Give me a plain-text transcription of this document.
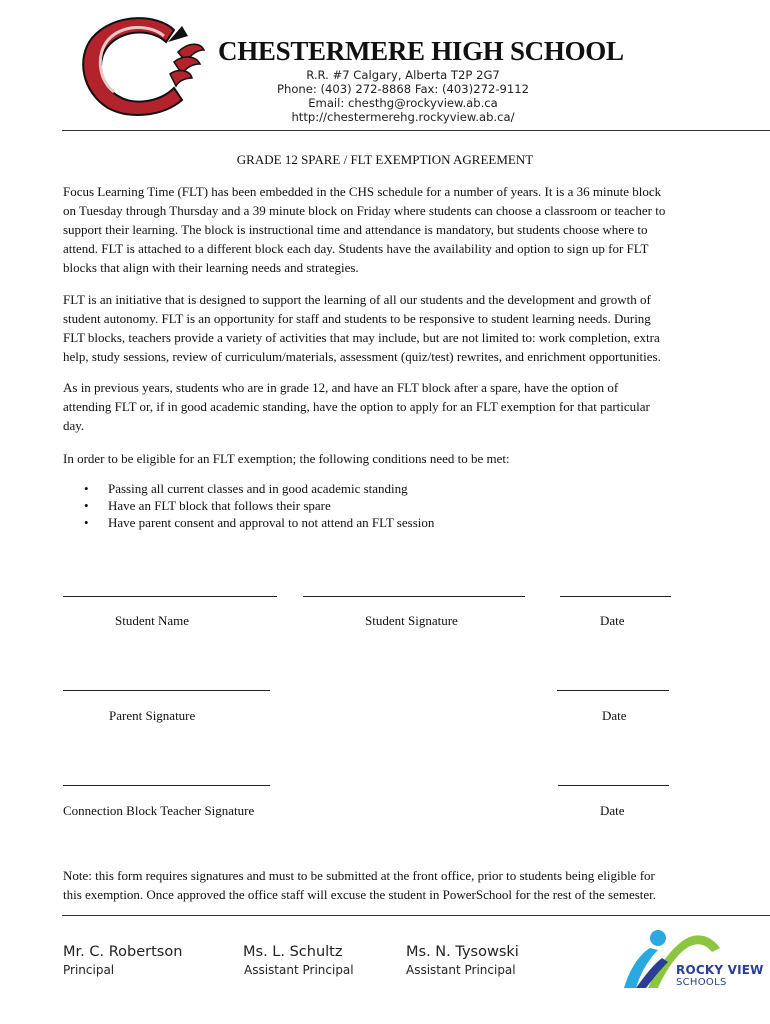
CHESTERMERE HIGH SCHOOL
R.R. #7 Calgary, Alberta T2P 2G7
Phone: (403) 272-8868 Fax: (403)272-9112
Email: chesthg@rockyview.ab.ca
http://chestermerehg.rockyview.ab.ca/
GRADE 12 SPARE / FLT EXEMPTION AGREEMENT
Focus Learning Time (FLT) has been embedded in the CHS schedule for a number of years. It is a 36 minute block
on Tuesday through Thursday and a 39 minute block on Friday where students can choose a classroom or teacher to
support their learning. The block is instructional time and attendance is mandatory, but students choose where to
attend. FLT is attached to a different block each day. Students have the availability and option to sign up for FLT
blocks that align with their learning needs and strategies.
FLT is an initiative that is designed to support the learning of all our students and the development and growth of
student autonomy. FLT is an opportunity for staff and students to be responsive to student learning needs. During
FLT blocks, teachers provide a variety of activities that may include, but are not limited to: work completion, extra
help, study sessions, review of curriculum/materials, assessment (quiz/test) rewrites, and enrichment opportunities.
As in previous years, students who are in grade 12, and have an FLT block after a spare, have the option of
attending FLT or, if in good academic standing, have the option to apply for an FLT exemption for that particular
day.
In order to be eligible for an FLT exemption; the following conditions need to be met:
• Passing all current classes and in good academic standing
• Have an FLT block that follows their spare
• Have parent consent and approval to not attend an FLT session
Student Name	Student Signature	Date
Parent Signature	Date
Connection Block Teacher Signature	Date
Note: this form requires signatures and must to be submitted at the front office, prior to students being eligible for
this exemption. Once approved the office staff will excuse the student in PowerSchool for the rest of the semester.
Mr. C. Robertson
Principal
Ms. L. Schultz
Assistant Principal
Ms. N. Tysowski
Assistant Principal	ROCKY VIEW
SCHOOLS
